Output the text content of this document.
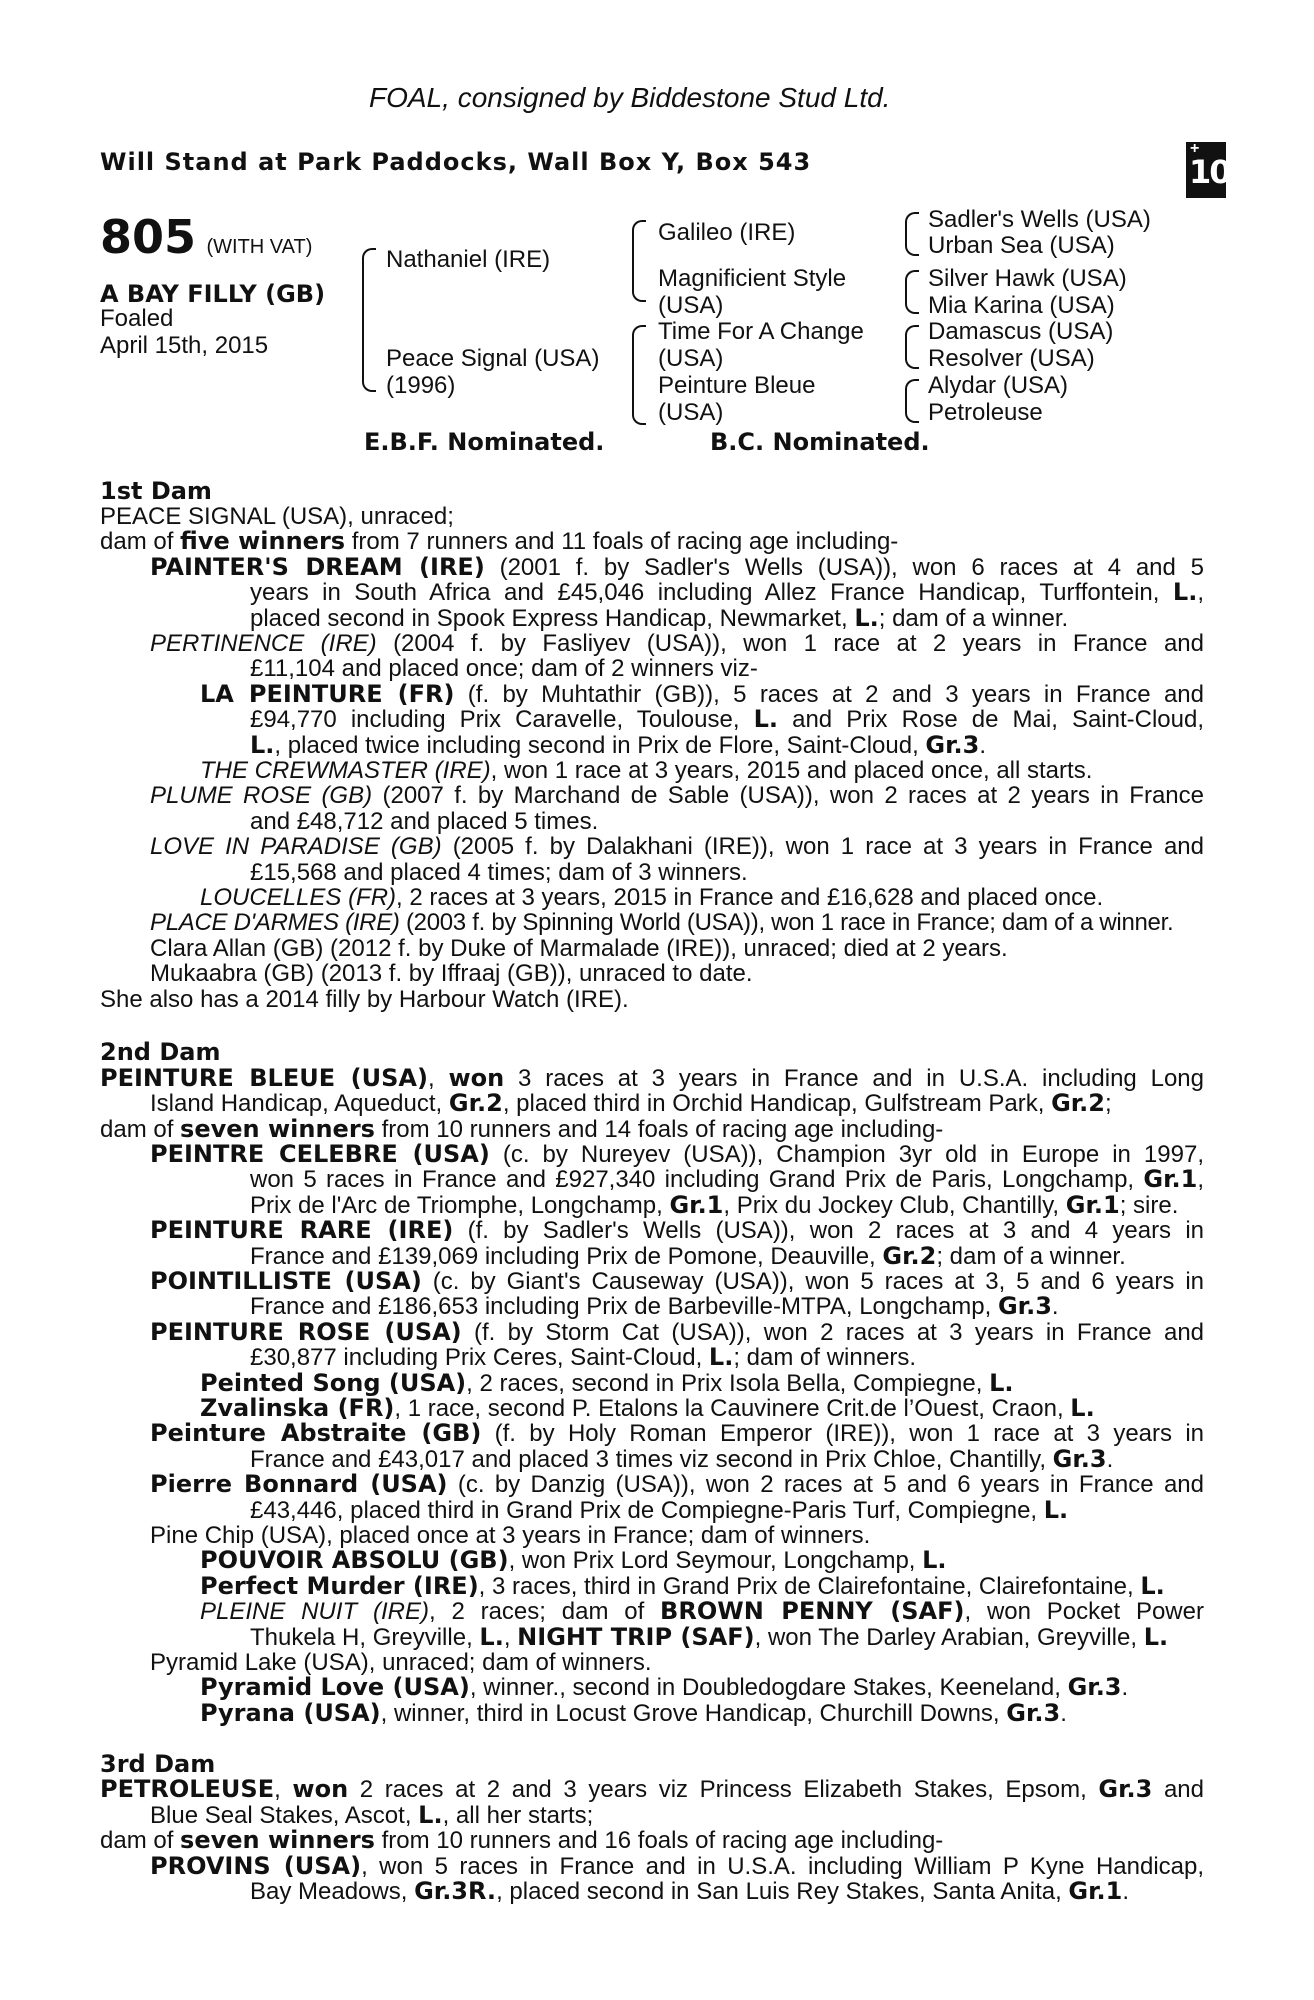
FOAL, consigned by Biddestone Stud Ltd.
Will Stand at Park Paddocks, Wall Box Y, Box 543	+
10
805 (WITH VAT)
A BAY FILLY (GB)
Foaled
April 15th, 2015
Nathaniel (IRE)
Peace Signal (USA)
(1996)
Galileo (IRE)
Magnificient Style
(USA)
Time For A Change
(USA)
Peinture Bleue
(USA)
Sadler's Wells (USA)
Urban Sea (USA)
Silver Hawk (USA)
Mia Karina (USA)
Damascus (USA)
Resolver (USA)
Alydar (USA)
Petroleuse
E.B.F. Nominated.	B.C. Nominated.
1st Dam
PEACE SIGNAL (USA), unraced;
dam of five winners from 7 runners and 11 foals of racing age including-
PAINTER'S DREAM (IRE) (2001 f. by Sadler's Wells (USA)), won 6 races at 4 and 5
years in South Africa and £45,046 including Allez France Handicap, Turffontein, L.,
placed second in Spook Express Handicap, Newmarket, L.; dam of a winner.
PERTINENCE (IRE) (2004 f. by Fasliyev (USA)), won 1 race at 2 years in France and
£11,104 and placed once; dam of 2 winners viz-
LA PEINTURE (FR) (f. by Muhtathir (GB)), 5 races at 2 and 3 years in France and
£94,770 including Prix Caravelle, Toulouse, L. and Prix Rose de Mai, Saint-Cloud,
L., placed twice including second in Prix de Flore, Saint-Cloud, Gr.3.
THE CREWMASTER (IRE), won 1 race at 3 years, 2015 and placed once, all starts.
PLUME ROSE (GB) (2007 f. by Marchand de Sable (USA)), won 2 races at 2 years in France
and £48,712 and placed 5 times.
LOVE IN PARADISE (GB) (2005 f. by Dalakhani (IRE)), won 1 race at 3 years in France and
£15,568 and placed 4 times; dam of 3 winners.
LOUCELLES (FR), 2 races at 3 years, 2015 in France and £16,628 and placed once.
PLACE D'ARMES (IRE) (2003 f. by Spinning World (USA)), won 1 race in France; dam of a winner.
Clara Allan (GB) (2012 f. by Duke of Marmalade (IRE)), unraced; died at 2 years.
Mukaabra (GB) (2013 f. by Iffraaj (GB)), unraced to date.
She also has a 2014 filly by Harbour Watch (IRE).
2nd Dam
PEINTURE BLEUE (USA), won 3 races at 3 years in France and in U.S.A. including Long
Island Handicap, Aqueduct, Gr.2, placed third in Orchid Handicap, Gulfstream Park, Gr.2;
dam of seven winners from 10 runners and 14 foals of racing age including-
PEINTRE CELEBRE (USA) (c. by Nureyev (USA)), Champion 3yr old in Europe in 1997,
won 5 races in France and £927,340 including Grand Prix de Paris, Longchamp, Gr.1,
Prix de l'Arc de Triomphe, Longchamp, Gr.1, Prix du Jockey Club, Chantilly, Gr.1; sire.
PEINTURE RARE (IRE) (f. by Sadler's Wells (USA)), won 2 races at 3 and 4 years in
France and £139,069 including Prix de Pomone, Deauville, Gr.2; dam of a winner.
POINTILLISTE (USA) (c. by Giant's Causeway (USA)), won 5 races at 3, 5 and 6 years in
France and £186,653 including Prix de Barbeville-MTPA, Longchamp, Gr.3.
PEINTURE ROSE (USA) (f. by Storm Cat (USA)), won 2 races at 3 years in France and
£30,877 including Prix Ceres, Saint-Cloud, L.; dam of winners.
Peinted Song (USA), 2 races, second in Prix Isola Bella, Compiegne, L.
Zvalinska (FR), 1 race, second P. Etalons la Cauvinere Crit.de l’Ouest, Craon, L.
Peinture Abstraite (GB) (f. by Holy Roman Emperor (IRE)), won 1 race at 3 years in
France and £43,017 and placed 3 times viz second in Prix Chloe, Chantilly, Gr.3.
Pierre Bonnard (USA) (c. by Danzig (USA)), won 2 races at 5 and 6 years in France and
£43,446, placed third in Grand Prix de Compiegne-Paris Turf, Compiegne, L.
Pine Chip (USA), placed once at 3 years in France; dam of winners.
POUVOIR ABSOLU (GB), won Prix Lord Seymour, Longchamp, L.
Perfect Murder (IRE), 3 races, third in Grand Prix de Clairefontaine, Clairefontaine, L.
PLEINE NUIT (IRE), 2 races; dam of BROWN PENNY (SAF), won Pocket Power
Thukela H, Greyville, L., NIGHT TRIP (SAF), won The Darley Arabian, Greyville, L.
Pyramid Lake (USA), unraced; dam of winners.
Pyramid Love (USA), winner., second in Doubledogdare Stakes, Keeneland, Gr.3.
Pyrana (USA), winner, third in Locust Grove Handicap, Churchill Downs, Gr.3.
3rd Dam
PETROLEUSE, won 2 races at 2 and 3 years viz Princess Elizabeth Stakes, Epsom, Gr.3 and
Blue Seal Stakes, Ascot, L., all her starts;
dam of seven winners from 10 runners and 16 foals of racing age including-
PROVINS (USA), won 5 races in France and in U.S.A. including William P Kyne Handicap,
Bay Meadows, Gr.3R., placed second in San Luis Rey Stakes, Santa Anita, Gr.1.
